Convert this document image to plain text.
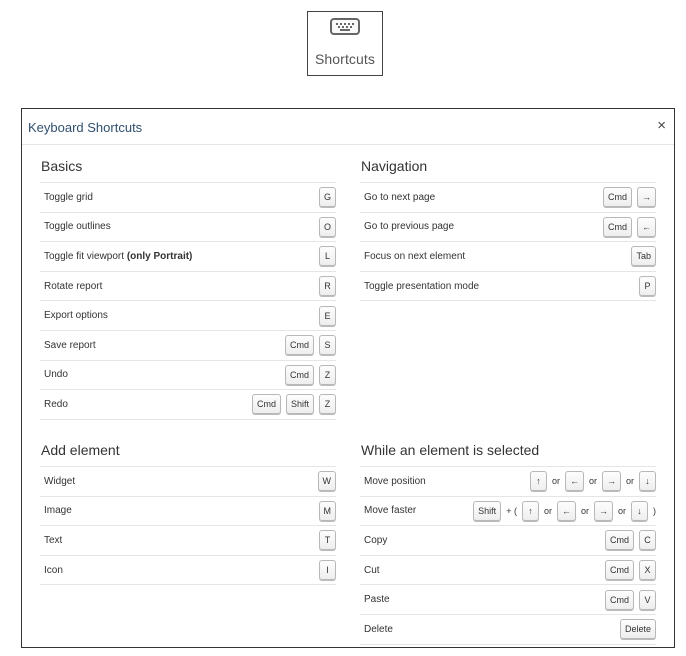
Shortcuts
Keyboard Shortcuts	×
Basics
Toggle grid	G
Toggle outlines	O
Toggle fit viewport (only Portrait)	L
Rotate report	R
Export options	E
Save report	Cmd	S
Undo	Cmd	Z
Redo	Cmd	Shift	Z
Navigation
Go to next page	Cmd	→
Go to previous page	Cmd	←
Focus on next element	Tab
Toggle presentation mode	P
Add element
Widget	W
Image	M
Text	T
Icon	I
While an element is selected
Move position	↑	or	←	or	→	or	↓
Move faster	Shift	+ (	↑	or	←	or	→	or	↓	)
Copy	Cmd	C
Cut	Cmd	X
Paste	Cmd	V
Delete	Delete
